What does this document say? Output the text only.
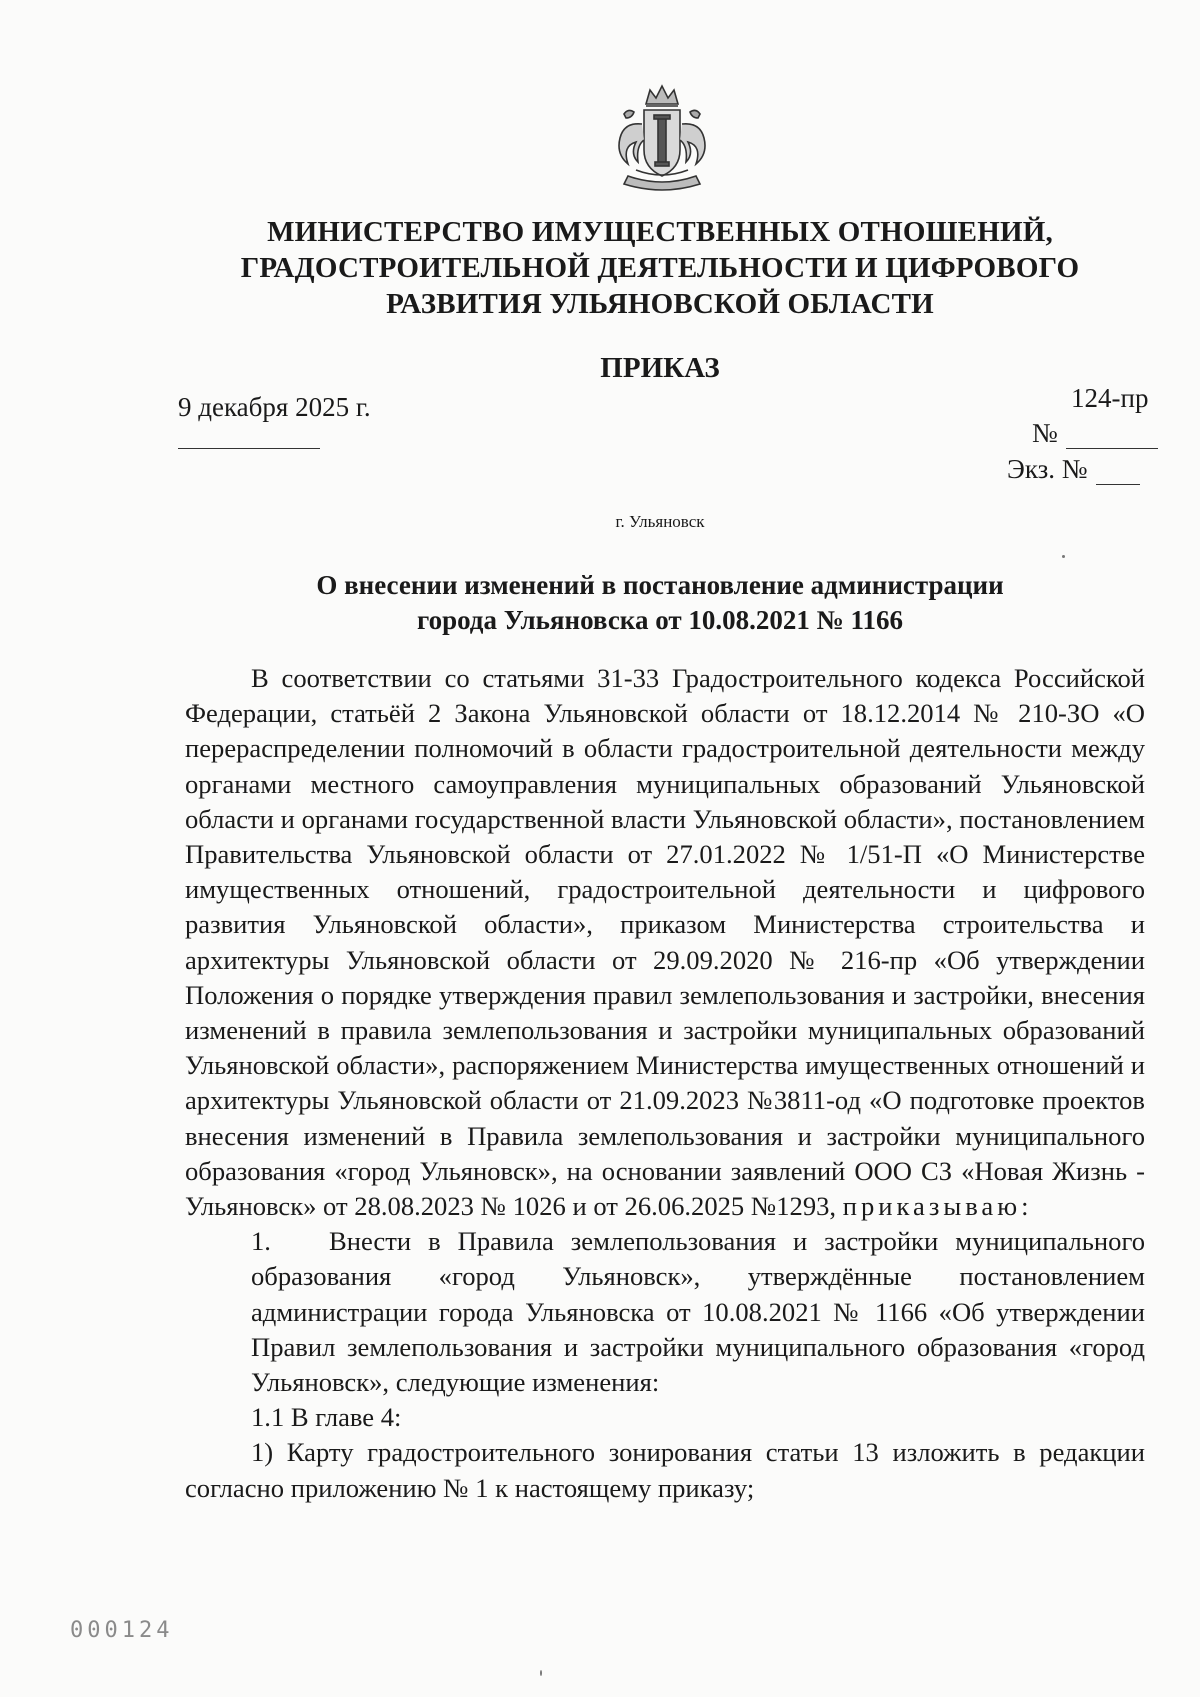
МИНИСТЕРСТВО ИМУЩЕСТВЕННЫХ ОТНОШЕНИЙ,
ГРАДОСТРОИТЕЛЬНОЙ ДЕЯТЕЛЬНОСТИ И ЦИФРОВОГО
РАЗВИТИЯ УЛЬЯНОВСКОЙ ОБЛАСТИ
ПРИКАЗ
9 декабря 2025 г.	124-пр
№
Экз. №
г. Ульяновск
О внесении изменений в постановление администрации
города Ульяновска от 10.08.2021 № 1166

В соответствии со статьями 31-33 Градостроительного кодекса Российской Федерации, статьёй 2 Закона Ульяновской области от 18.12.2014 № 210-ЗО «О перераспределении полномочий в области градостроительной деятельности между органами местного самоуправления муниципальных образований Ульяновской области и органами государственной власти Ульяновской области», постановлением Правительства Ульяновской области от 27.01.2022 № 1/51-П «О Министерстве имущественных отношений, градостроительной деятельности и цифрового развития Ульяновской области», приказом Министерства строительства и архитектуры Ульяновской области от 29.09.2020 № 216-пр «Об утверждении Положения о порядке утверждения правил землепользования и застройки, внесения изменений в правила землепользования и застройки муниципальных образований Ульяновской области», распоряжением Министерства имущественных отношений и архитектуры Ульяновской области от 21.09.2023 №3811-од «О подготовке проектов внесения изменений в Правила землепользования и застройки муниципального образования «город Ульяновск», на основании заявлений ООО СЗ «Новая Жизнь - Ульяновск» от 28.08.2023 № 1026 и от 26.06.2025 №1293, приказываю:

1. Внести в Правила землепользования и застройки муниципального образования «город Ульяновск», утверждённые постановлением администрации города Ульяновска от 10.08.2021 № 1166 «Об утверждении Правил землепользования и застройки муниципального образования «город Ульяновск», следующие изменения:

1.1 В главе 4:

1) Карту градостроительного зонирования статьи 13 изложить в редакции согласно приложению № 1 к настоящему приказу;

000124
